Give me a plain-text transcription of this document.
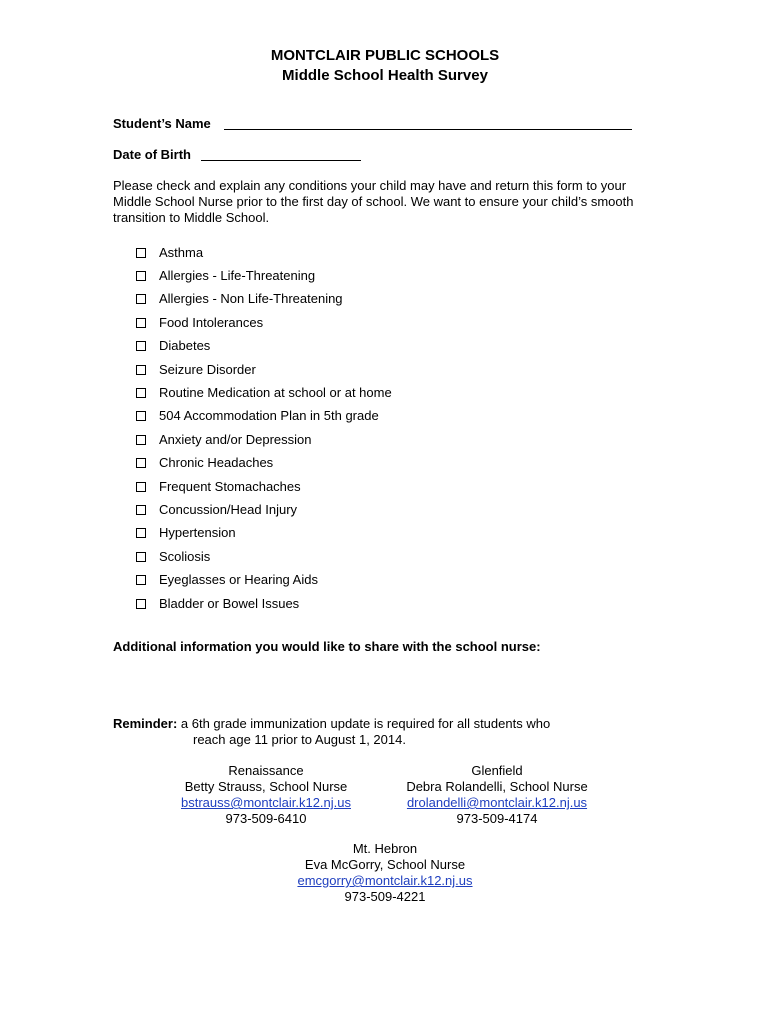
MONTCLAIR PUBLIC SCHOOLS
Middle School Health Survey
Student’s Name
Date of Birth
Please check and explain any conditions your child may have and return this form to your Middle School Nurse prior to the first day of school. We want to ensure your child’s smooth transition to Middle School.
Asthma
Allergies - Life-Threatening
Allergies - Non Life-Threatening
Food Intolerances
Diabetes
Seizure Disorder
Routine Medication at school or at home
504 Accommodation Plan in 5th grade
Anxiety and/or Depression
Chronic Headaches
Frequent Stomachaches
Concussion/Head Injury
Hypertension
Scoliosis
Eyeglasses or Hearing Aids
Bladder or Bowel Issues
Additional information you would like to share with the school nurse:
Reminder: a 6th grade immunization update is required for all students who
reach age 11 prior to August 1, 2014.
Renaissance
Betty Strauss, School Nurse
bstrauss@montclair.k12.nj.us
973-509-6410
Glenfield
Debra Rolandelli, School Nurse
drolandelli@montclair.k12.nj.us
973-509-4174
Mt. Hebron
Eva McGorry, School Nurse
emcgorry@montclair.k12.nj.us
973-509-4221
